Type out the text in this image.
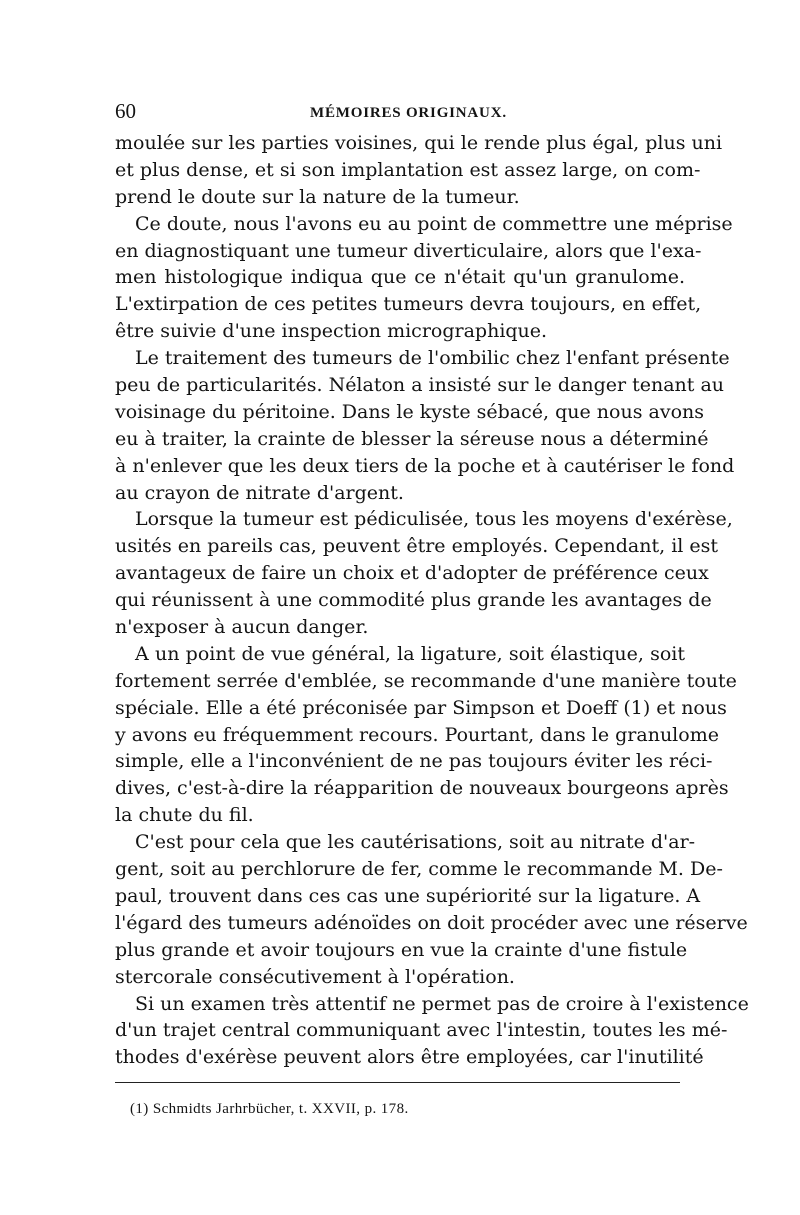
60	MÉMOIRES ORIGINAUX.
moulée sur les parties voisines, qui le rende plus égal, plus uni
et plus dense, et si son implantation est assez large, on com-
prend le doute sur la nature de la tumeur.
Ce doute, nous l'avons eu au point de commettre une méprise
en diagnostiquant une tumeur diverticulaire, alors que l'exa-
men histologique indiqua que ce n'était qu'un granulome.
L'extirpation de ces petites tumeurs devra toujours, en effet,
être suivie d'une inspection micrographique.
Le traitement des tumeurs de l'ombilic chez l'enfant présente
peu de particularités. Nélaton a insisté sur le danger tenant au
voisinage du péritoine. Dans le kyste sébacé, que nous avons
eu à traiter, la crainte de blesser la séreuse nous a déterminé
à n'enlever que les deux tiers de la poche et à cautériser le fond
au crayon de nitrate d'argent.
Lorsque la tumeur est pédiculisée, tous les moyens d'exérèse,
usités en pareils cas, peuvent être employés. Cependant, il est
avantageux de faire un choix et d'adopter de préférence ceux
qui réunissent à une commodité plus grande les avantages de
n'exposer à aucun danger.
A un point de vue général, la ligature, soit élastique, soit
fortement serrée d'emblée, se recommande d'une manière toute
spéciale. Elle a été préconisée par Simpson et Doeff (1) et nous
y avons eu fréquemment recours. Pourtant, dans le granulome
simple, elle a l'inconvénient de ne pas toujours éviter les réci-
dives, c'est-à-dire la réapparition de nouveaux bourgeons après
la chute du fil.
C'est pour cela que les cautérisations, soit au nitrate d'ar-
gent, soit au perchlorure de fer, comme le recommande M. De-
paul, trouvent dans ces cas une supériorité sur la ligature. A
l'égard des tumeurs adénoïdes on doit procéder avec une réserve
plus grande et avoir toujours en vue la crainte d'une fistule
stercorale consécutivement à l'opération.
Si un examen très attentif ne permet pas de croire à l'existence
d'un trajet central communiquant avec l'intestin, toutes les mé-
thodes d'exérèse peuvent alors être employées, car l'inutilité
(1) Schmidts Jarhrbücher, t. XXVII, p. 178.
